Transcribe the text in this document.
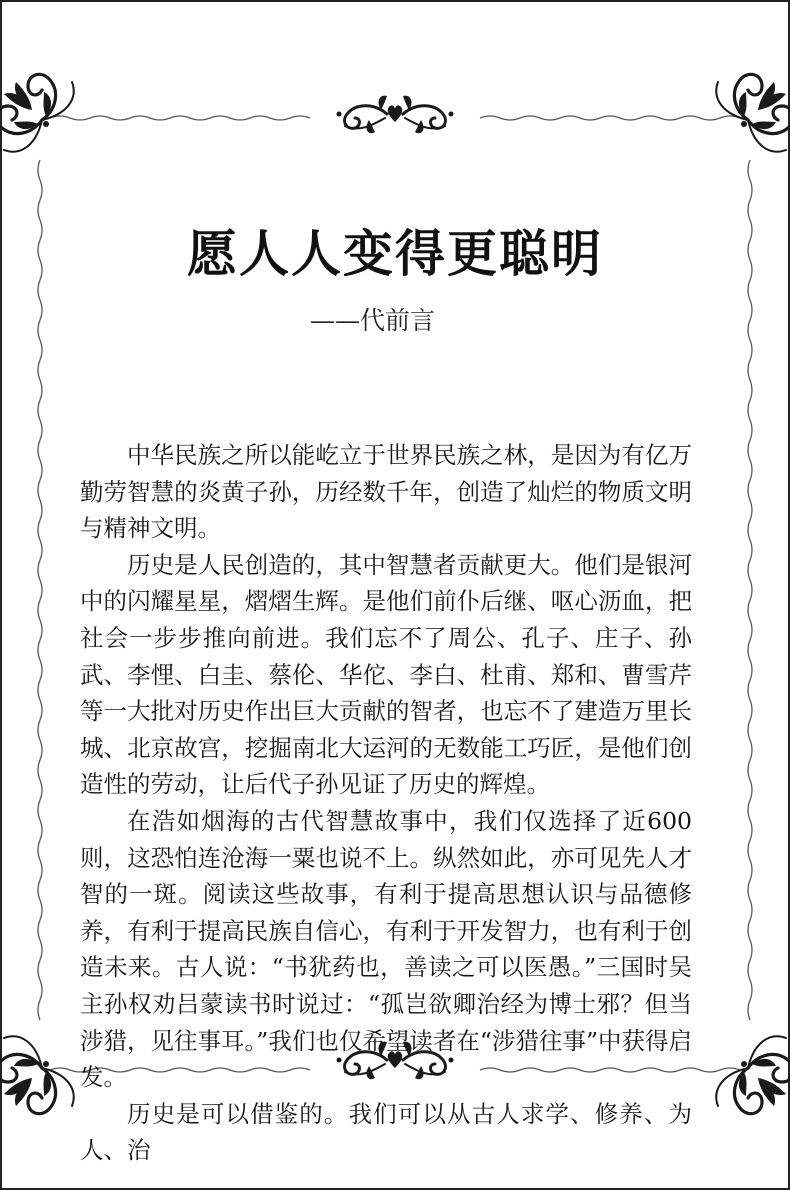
愿人人变得更聪明
——代前言

中华民族之所以能屹立于世界民族之林，是因为有亿万勤劳智慧的炎黄子孙，历经数千年，创造了灿烂的物质文明与精神文明。

历史是人民创造的，其中智慧者贡献更大。他们是银河中的闪耀星星，熠熠生辉。是他们前仆后继、呕心沥血，把社会一步步推向前进。我们忘不了周公、孔子、庄子、孙武、李悝、白圭、蔡伦、华佗、李白、杜甫、郑和、曹雪芹等一大批对历史作出巨大贡献的智者，也忘不了建造万里长城、北京故宫，挖掘南北大运河的无数能工巧匠，是他们创造性的劳动，让后代子孙见证了历史的辉煌。

在浩如烟海的古代智慧故事中，我们仅选择了近600则，这恐怕连沧海一粟也说不上。纵然如此，亦可见先人才智的一斑。阅读这些故事，有利于提高思想认识与品德修养，有利于提高民族自信心，有利于开发智力，也有利于创造未来。古人说：“书犹药也，善读之可以医愚。”三国时吴主孙权劝吕蒙读书时说过：“孤岂欲卿治经为博士邪？但当涉猎，见往事耳。”我们也仅希望读者在“涉猎往事”中获得启发。

历史是可以借鉴的。我们可以从古人求学、修养、为人、治
